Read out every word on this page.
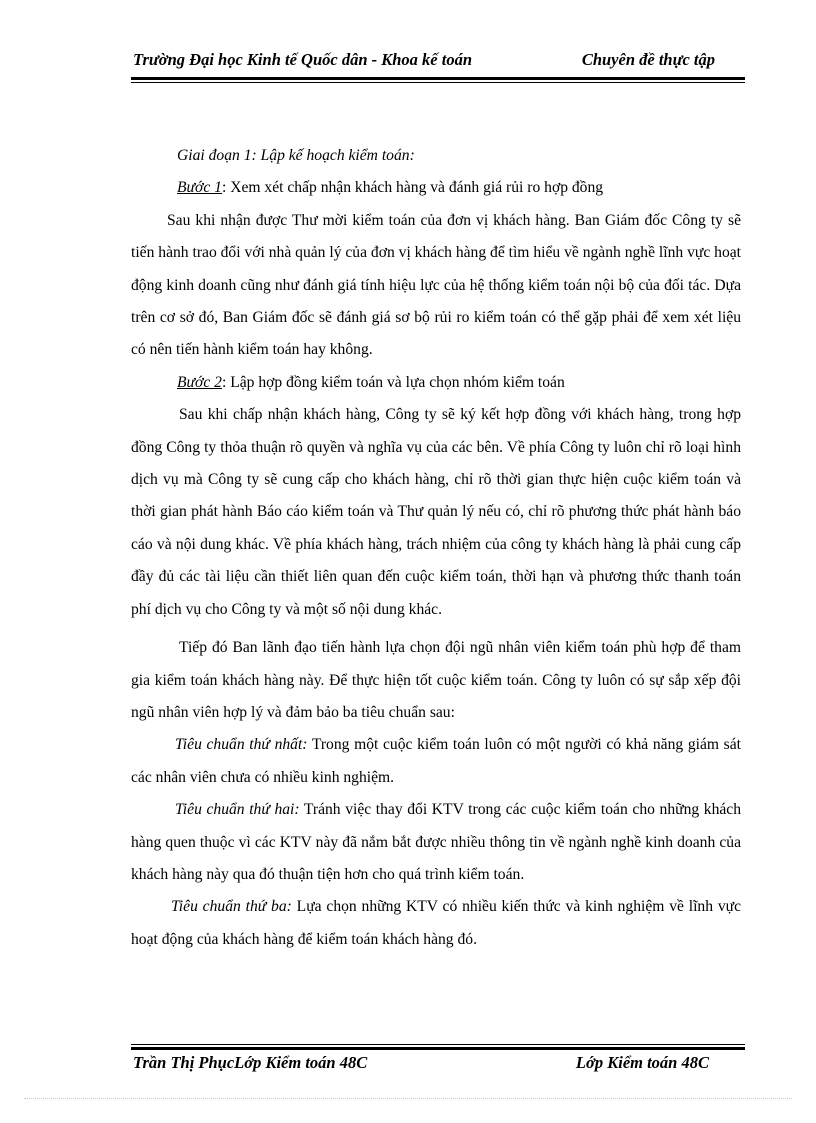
Trường Đại học Kinh tế Quốc dân - Khoa kế toán	Chuyên đề thực tập

Giai đoạn 1: Lập kế hoạch kiểm toán:

Bước 1: Xem xét chấp nhận khách hàng và đánh giá rủi ro hợp đồng

Sau khi nhận được Thư mời kiểm toán của đơn vị khách hàng. Ban Giám đốc Công ty sẽ tiến hành trao đổi với nhà quản lý của đơn vị khách hàng để tìm hiểu về ngành nghề lĩnh vực hoạt động kinh doanh cũng như đánh giá tính hiệu lực của hệ thống kiểm toán nội bộ của đối tác. Dựa trên cơ sở đó, Ban Giám đốc sẽ đánh giá sơ bộ rủi ro kiểm toán có thể gặp phải để xem xét liệu có nên tiến hành kiểm toán hay không.

Bước 2: Lập hợp đồng kiểm toán và lựa chọn nhóm kiểm toán

Sau khi chấp nhận khách hàng, Công ty sẽ ký kết hợp đồng với khách hàng, trong hợp đồng Công ty thỏa thuận rõ quyền và nghĩa vụ của các bên. Về phía Công ty luôn chỉ rõ loại hình dịch vụ mà Công ty sẽ cung cấp cho khách hàng, chỉ rõ thời gian thực hiện cuộc kiểm toán và thời gian phát hành Báo cáo kiểm toán và Thư quản lý nếu có, chỉ rõ phương thức phát hành báo cáo và nội dung khác. Về phía khách hàng, trách nhiệm của công ty khách hàng là phải cung cấp đầy đủ các tài liệu cần thiết liên quan đến cuộc kiểm toán, thời hạn và phương thức thanh toán phí dịch vụ cho Công ty và một số nội dung khác.

Tiếp đó Ban lãnh đạo tiến hành lựa chọn đội ngũ nhân viên kiểm toán phù hợp để tham gia kiểm toán khách hàng này. Để thực hiện tốt cuộc kiểm toán. Công ty luôn có sự sắp xếp đội ngũ nhân viên hợp lý và đảm bảo ba tiêu chuẩn sau:

Tiêu chuẩn thứ nhất: Trong một cuộc kiểm toán luôn có một người có khả năng giám sát các nhân viên chưa có nhiều kinh nghiệm.

Tiêu chuẩn thứ hai: Tránh việc thay đổi KTV trong các cuộc kiểm toán cho những khách hàng quen thuộc vì các KTV này đã nắm bắt được nhiều thông tin về ngành nghề kinh doanh của khách hàng này qua đó thuận tiện hơn cho quá trình kiểm toán.

Tiêu chuẩn thứ ba: Lựa chọn những KTV có nhiều kiến thức và kinh nghiệm về lĩnh vực hoạt động của khách hàng để kiểm toán khách hàng đó.

Trần Thị PhụcLớp Kiểm toán 48C	Lớp Kiểm toán 48C
